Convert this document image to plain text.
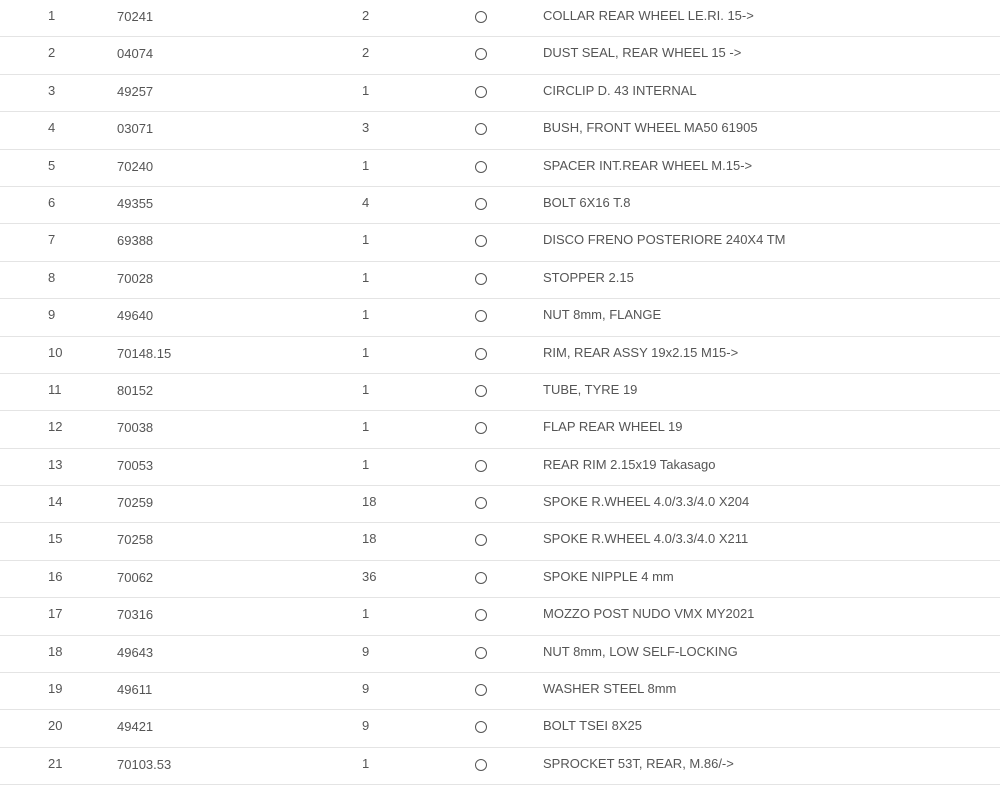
1	70241	2	COLLAR REAR WHEEL LE.RI. 15->
2	04074	2	DUST SEAL, REAR WHEEL 15 ->
3	49257	1	CIRCLIP D. 43 INTERNAL
4	03071	3	BUSH, FRONT WHEEL MA50 61905
5	70240	1	SPACER INT.REAR WHEEL M.15->
6	49355	4	BOLT 6X16 T.8
7	69388	1	DISCO FRENO POSTERIORE 240X4 TM
8	70028	1	STOPPER 2.15
9	49640	1	NUT 8mm, FLANGE
10	70148.15	1	RIM, REAR ASSY 19x2.15 M15->
11	80152	1	TUBE, TYRE 19
12	70038	1	FLAP REAR WHEEL 19
13	70053	1	REAR RIM 2.15x19 Takasago
14	70259	18	SPOKE R.WHEEL 4.0/3.3/4.0 X204
15	70258	18	SPOKE R.WHEEL 4.0/3.3/4.0 X211
16	70062	36	SPOKE NIPPLE 4 mm
17	70316	1	MOZZO POST NUDO VMX MY2021
18	49643	9	NUT 8mm, LOW SELF-LOCKING
19	49611	9	WASHER STEEL 8mm
20	49421	9	BOLT TSEI 8X25
21	70103.53	1	SPROCKET 53T, REAR, M.86/->
